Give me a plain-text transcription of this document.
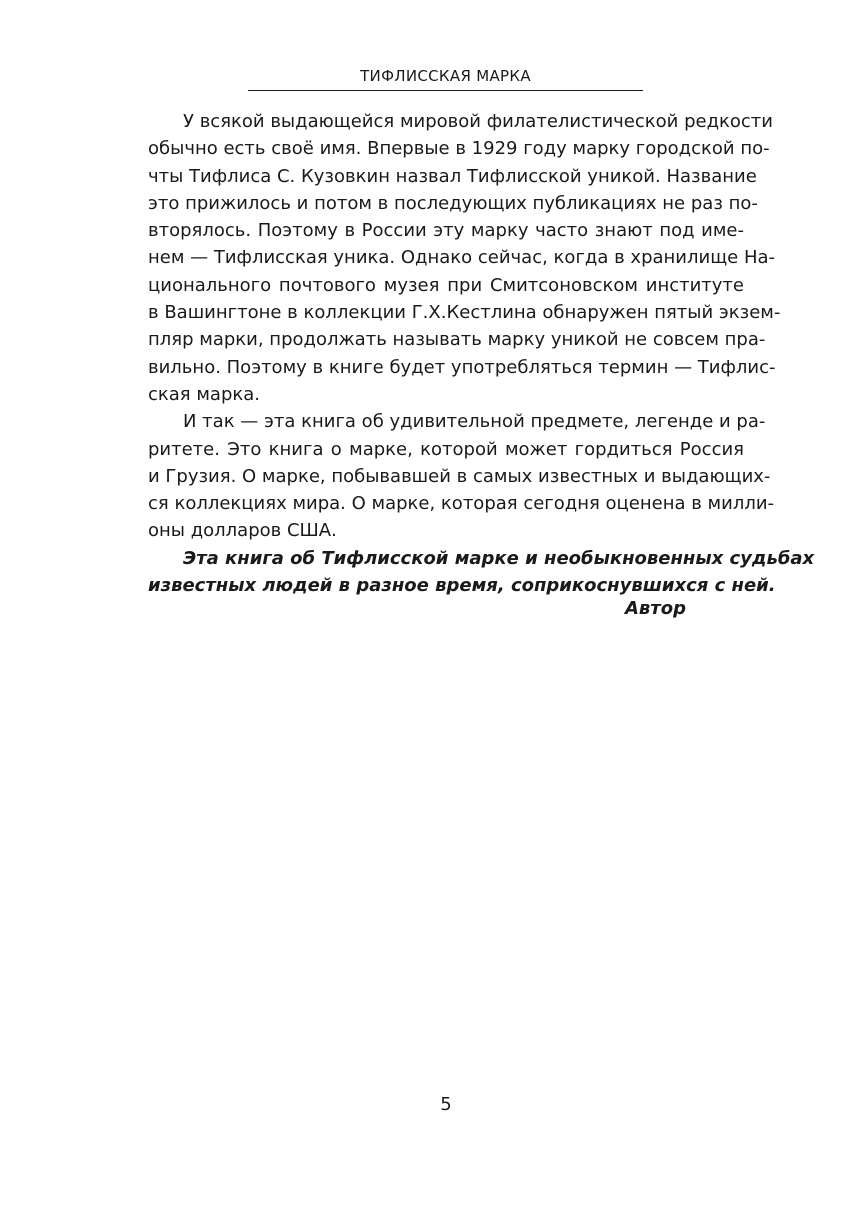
ТИФЛИССКАЯ МАРКА
У всякой выдающейся мировой филателистической редкости
обычно есть своё имя. Впервые в 1929 году марку городской по-
чты Тифлиса С. Кузовкин назвал Тифлисской уникой. Название
это прижилось и потом в последующих публикациях не раз по-
вторялось. Поэтому в России эту марку часто знают под име-
нем — Тифлисская уника. Однако сейчас, когда в хранилище На-
ционального почтового музея при Смитсоновском институте
в Вашингтоне в коллекции Г.Х.Кестлина обнаружен пятый экзем-
пляр марки, продолжать называть марку уникой не совсем пра-
вильно. Поэтому в книге будет употребляться термин — Тифлис-
ская марка.
И так — эта книга об удивительной предмете, легенде и ра-
ритете. Это книга о марке, которой может гордиться Россия
и Грузия. О марке, побывавшей в самых известных и выдающих-
ся коллекциях мира. О марке, которая сегодня оценена в милли-
оны долларов США.
Эта книга об Тифлисской марке и необыкновенных судьбах
известных людей в разное время, соприкоснувшихся с ней.
Автор
5
